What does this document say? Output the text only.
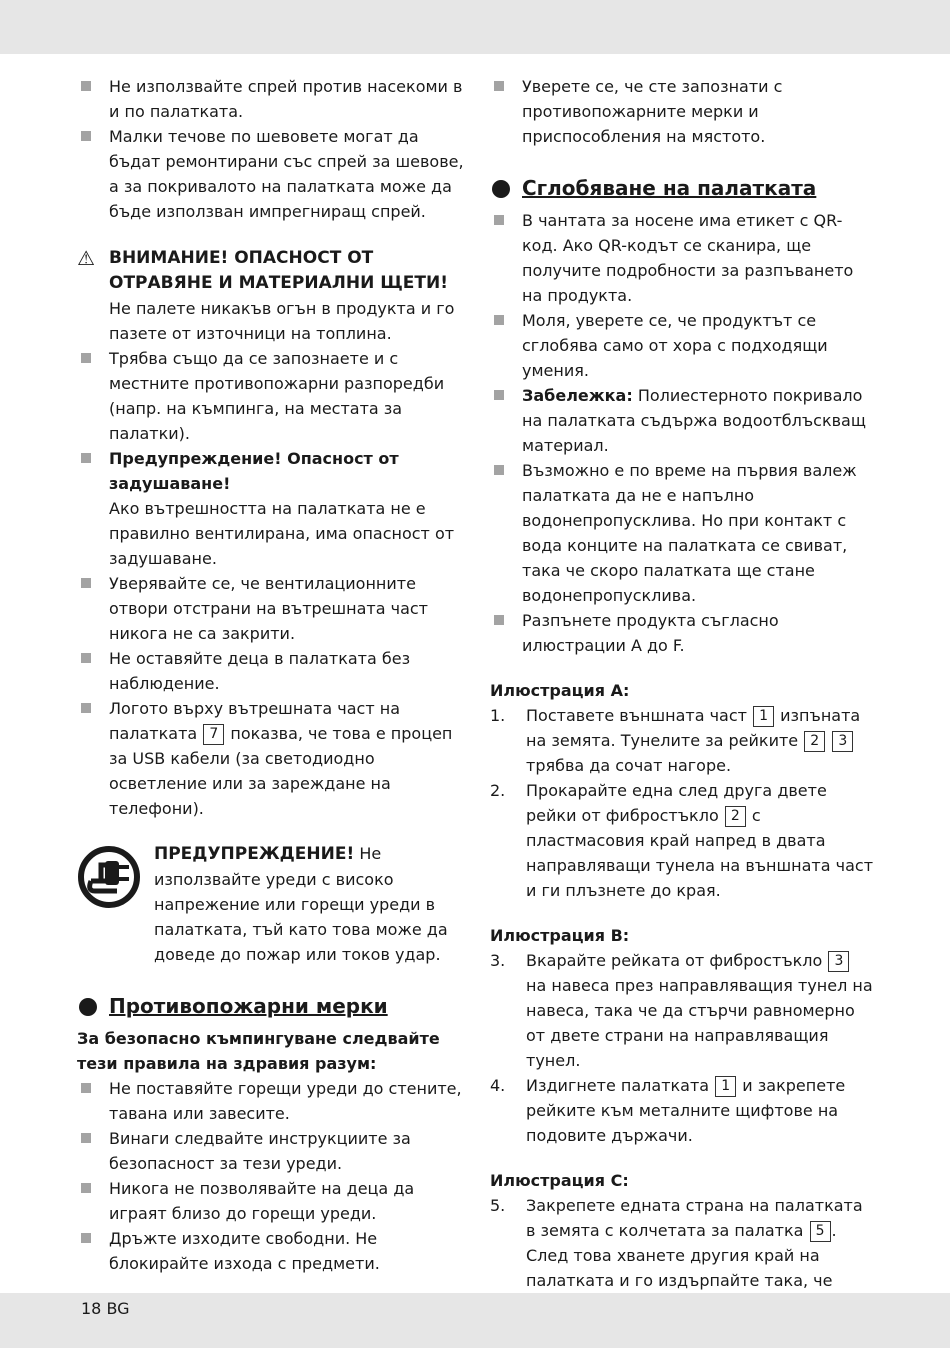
Не използвайте спрей против насекоми в и по палатката.
Малки течове по шевовете могат да бъдат ремонтирани със спрей за шевове, а за покривалото на палатката може да бъде използван импрегниращ спрей.
⚠ ВНИМАНИЕ! ОПАСНОСТ ОТ ОТРАВЯНЕ И МАТЕРИАЛНИ ЩЕТИ!
Не палете никакъв огън в продукта и го пазете от източници на топлина.
Трябва също да се запознаете и с местните противопожарни разпоредби (напр. на къмпинга, на местата за палатки).
Предупреждение! Опасност от задушаване!
Ако вътрешността на палатката не е правилно вентилирана, има опасност от задушаване.
Уверявайте се, че вентилационните отвори отстрани на вътрешната част никога не са закрити.
Не оставяйте деца в палатката без наблюдение.
Логото върху вътрешната част на палатката 7 показва, че това е процеп за USB кабели (за светодиодно осветление или за зареждане на телефони).
ПРЕДУПРЕЖДЕНИЕ! Не използвайте уреди с високо напрежение или горещи уреди в палатката, тъй като това може да доведе до пожар или токов удар.
Противопожарни мерки
За безопасно къмпингуване следвайте тези правила на здравия разум:
Не поставяйте горещи уреди до стените, тавана или завесите.
Винаги следвайте инструкциите за безопасност за тези уреди.
Никога не позволявайте на деца да играят близо до горещи уреди.
Дръжте изходите свободни. Не блокирайте изхода с предмети.
Уверете се, че сте запознати с противопожарните мерки и приспособления на мястото.
Сглобяване на палатката
В чантата за носене има етикет с QR-код. Ако QR-кодът се сканира, ще получите подробности за разпъването на продукта.
Моля, уверете се, че продуктът се сглобява само от хора с подходящи умения.
Забележка: Полиестерното покривало на палатката съдържа водоотблъскващ материал.
Възможно е по време на първия валеж палатката да не е напълно водонепропусклива. Но при контакт с вода конците на палатката се свиват, така че скоро палатката ще стане водонепропусклива.
Разпънете продукта съгласно илюстрации A до F.
Илюстрация А:
1. Поставете външната част 1 изпъната на земята. Тунелите за рейките 2 3 трябва да сочат нагоре.
2. Прокарайте една след друга двете рейки от фибростъкло 2 с пластмасовия край напред в двата направляващи тунела на външната част и ги плъзнете до края.
Илюстрация B:
3. Вкарайте рейката от фибростъкло 3 на навеса през направляващия тунел на навеса, така че да стърчи равномерно от двете страни на направляващия тунел.
4. Издигнете палатката 1 и закрепете рейките към металните щифтове на подовите държачи.
Илюстрация C:
5. Закрепете едната страна на палатката в земята с колчетата за палатка 5 . След това хванете другия край на палатката и го издърпайте така, че
18 BG
